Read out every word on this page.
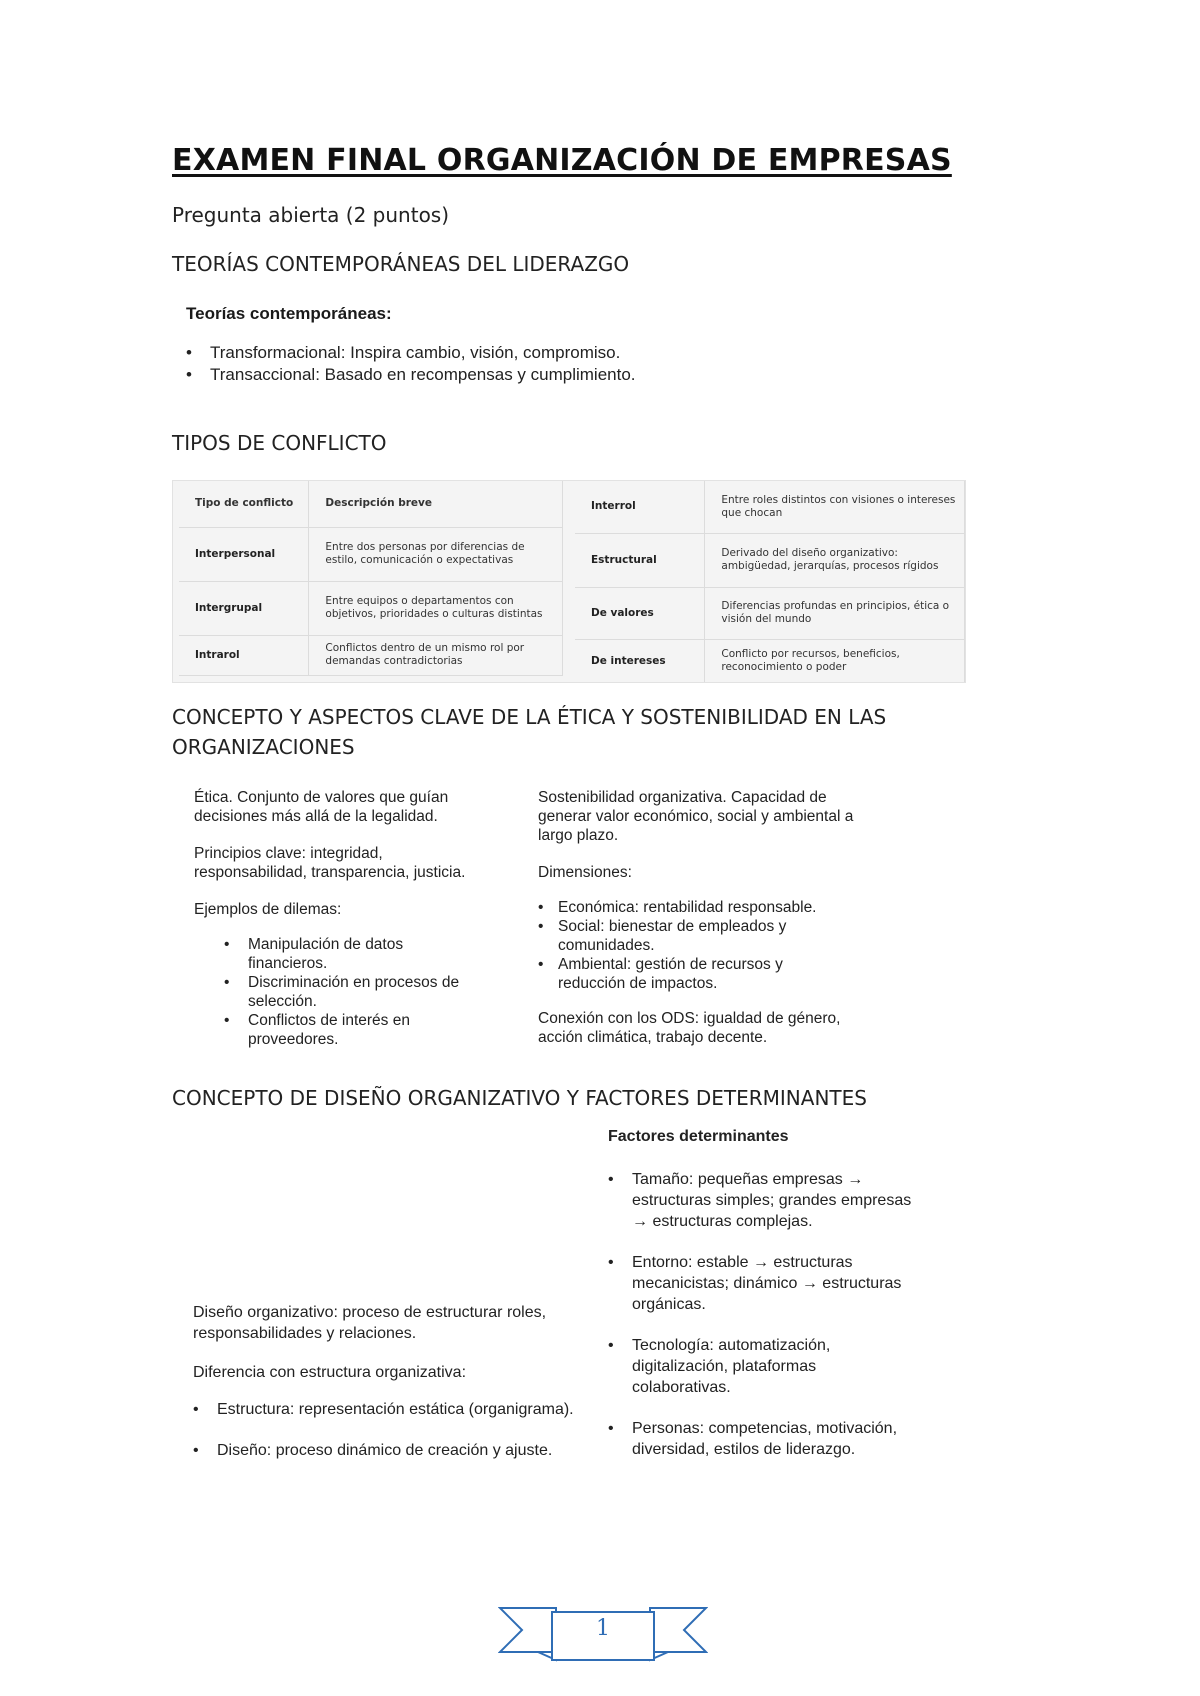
EXAMEN FINAL ORGANIZACIÓN DE EMPRESAS
Pregunta abierta (2 puntos)
TEORÍAS CONTEMPORÁNEAS DEL LIDERAZGO
Teorías contemporáneas:
• Transformacional: Inspira cambio, visión, compromiso.
• Transaccional: Basado en recompensas y cumplimiento.
TIPOS DE CONFLICTO
Tipo de conflicto	Descripción breve
Interpersonal	Entre dos personas por diferencias de estilo, comunicación o expectativas
Intergrupal	Entre equipos o departamentos con objetivos, prioridades o culturas distintas
Intrarol	Conflictos dentro de un mismo rol por demandas contradictorias
Interrol	Entre roles distintos con visiones o intereses que chocan
Estructural	Derivado del diseño organizativo: ambigüedad, jerarquías, procesos rígidos
De valores	Diferencias profundas en principios, ética o visión del mundo
De intereses	Conflicto por recursos, beneficios, reconocimiento o poder
CONCEPTO Y ASPECTOS CLAVE DE LA ÉTICA Y SOSTENIBILIDAD EN LAS ORGANIZACIONES

Ética. Conjunto de valores que guían decisiones más allá de la legalidad.

Principios clave: integridad, responsabilidad, transparencia, justicia.

Ejemplos de dilemas:

• Manipulación de datos financieros.
• Discriminación en procesos de selección.
• Conflictos de interés en proveedores.

Sostenibilidad organizativa. Capacidad de generar valor económico, social y ambiental a largo plazo.

Dimensiones:

• Económica: rentabilidad responsable.
• Social: bienestar de empleados y comunidades.
• Ambiental: gestión de recursos y reducción de impactos.

Conexión con los ODS: igualdad de género, acción climática, trabajo decente.

CONCEPTO DE DISEÑO ORGANIZATIVO Y FACTORES DETERMINANTES

Diseño organizativo: proceso de estructurar roles, responsabilidades y relaciones.

Diferencia con estructura organizativa:

• Estructura: representación estática (organigrama).
• Diseño: proceso dinámico de creación y ajuste.
Factores determinantes
• Tamaño: pequeñas empresas → estructuras simples; grandes empresas → estructuras complejas.
• Entorno: estable → estructuras mecanicistas; dinámico → estructuras orgánicas.
• Tecnología: automatización, digitalización, plataformas colaborativas.
• Personas: competencias, motivación, diversidad, estilos de liderazgo.
1
